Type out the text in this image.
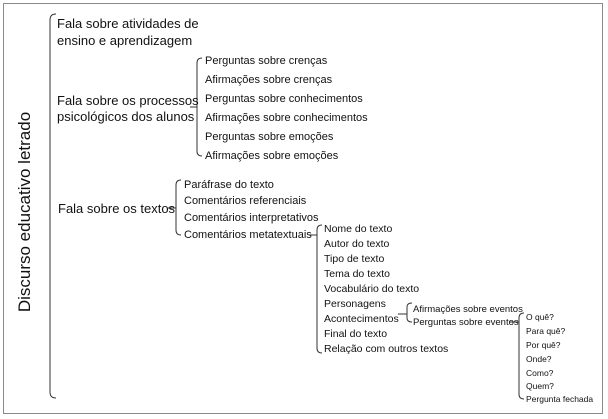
Discurso educativo letrado
Fala sobre atividades de
ensino e aprendizagem
Fala sobre os processos
psicológicos dos alunos
Fala sobre os textos
Perguntas sobre crenças
Afirmações sobre crenças
Perguntas sobre conhecimentos
Afirmações sobre conhecimentos
Perguntas sobre emoções
Afirmações sobre emoções
Paráfrase do texto
Comentários referenciais
Comentários interpretativos
Comentários metatextuais Nome do texto
Autor do texto
Tipo de texto
Tema do texto
Vocabulário do texto
Personagens
Acontecimentos
Final do texto
Relação com outros textos
Afirmações sobre eventos
Perguntas sobre eventos O quê?
Para quê?
Por quê?
Onde?
Como?
Quem?
Pergunta fechada
